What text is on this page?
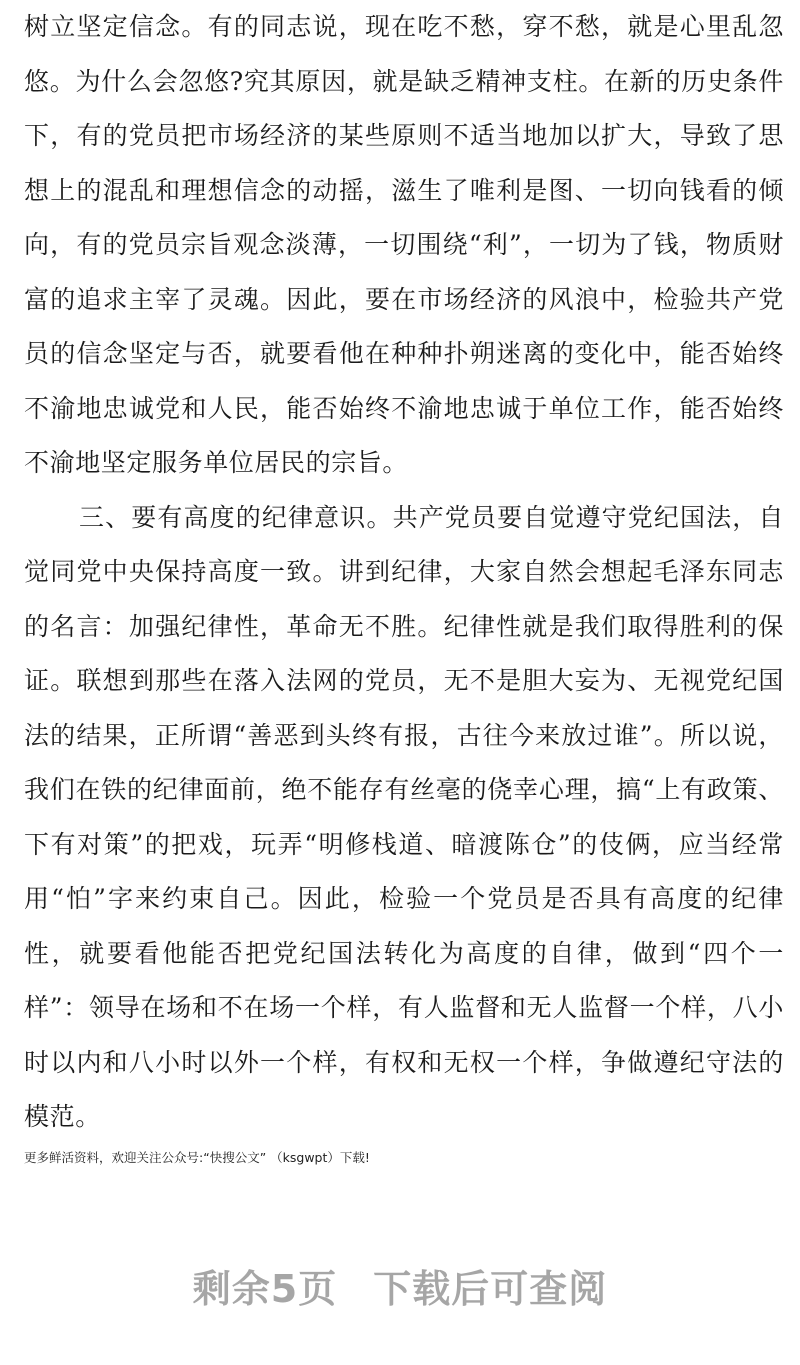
树立坚定信念。有的同志说，现在吃不愁，穿不愁，就是心里乱忽悠。为什么会忽悠?究其原因，就是缺乏精神支柱。在新的历史条件下，有的党员把市场经济的某些原则不适当地加以扩大，导致了思想上的混乱和理想信念的动摇，滋生了唯利是图、一切向钱看的倾向，有的党员宗旨观念淡薄，一切围绕“利”，一切为了钱，物质财富的追求主宰了灵魂。因此，要在市场经济的风浪中，检验共产党员的信念坚定与否，就要看他在种种扑朔迷离的变化中，能否始终不渝地忠诚党和人民，能否始终不渝地忠诚于单位工作，能否始终不渝地坚定服务单位居民的宗旨。

三、要有高度的纪律意识。共产党员要自觉遵守党纪国法，自觉同党中央保持高度一致。讲到纪律，大家自然会想起毛泽东同志的名言：加强纪律性，革命无不胜。纪律性就是我们取得胜利的保证。联想到那些在落入法网的党员，无不是胆大妄为、无视党纪国法的结果，正所谓“善恶到头终有报，古往今来放过谁”。所以说，我们在铁的纪律面前，绝不能存有丝毫的侥幸心理，搞“上有政策、下有对策”的把戏，玩弄“明修栈道、暗渡陈仓”的伎俩，应当经常用“怕”字来约束自己。因此，检验一个党员是否具有高度的纪律性，就要看他能否把党纪国法转化为高度的自律，做到“四个一样”：领导在场和不在场一个样，有人监督和无人监督一个样，八小时以内和八小时以外一个样，有权和无权一个样，争做遵纪守法的模范。

更多鲜活资料，欢迎关注公众号:“快搜公文” （ksgwpt）下载!
剩余5页 下载后可查阅
